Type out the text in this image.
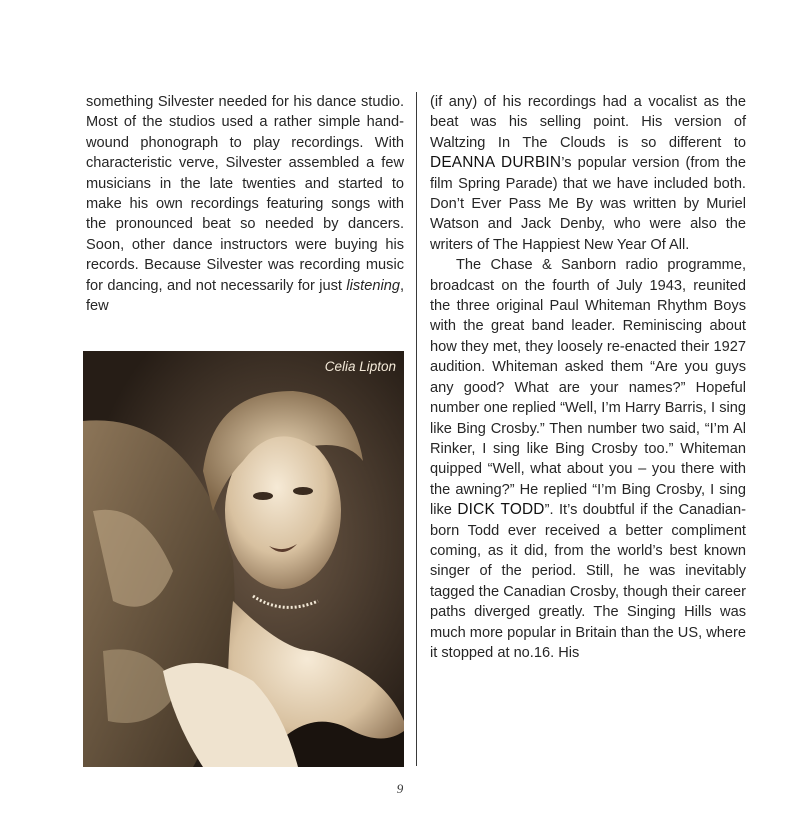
something Silvester needed for his dance studio. Most of the studios used a rather simple hand-wound phonograph to play recordings. With characteristic verve, Silvester assembled a few musicians in the late twenties and started to make his own recordings featuring songs with the pronounced beat so needed by dancers. Soon, other dance instructors were buying his records. Because Silvester was recording music for dancing, and not necessarily for just listening, few

Celia Lipton

(if any) of his recordings had a vocalist as the beat was his selling point. His version of Waltzing In The Clouds is so different to DEANNA DURBIN’s popular version (from the film Spring Parade) that we have included both. Don’t Ever Pass Me By was written by Muriel Watson and Jack Denby, who were also the writers of The Happiest New Year Of All.

The Chase & Sanborn radio programme, broadcast on the fourth of July 1943, reunited the three original Paul Whiteman Rhythm Boys with the great band leader. Reminiscing about how they met, they loosely re-enacted their 1927 audition. Whiteman asked them “Are you guys any good? What are your names?” Hopeful number one replied “Well, I’m Harry Barris, I sing like Bing Crosby.” Then number two said, “I’m Al Rinker, I sing like Bing Crosby too.” Whiteman quipped “Well, what about you – you there with the awning?” He replied “I’m Bing Crosby, I sing like DICK TODD”. It’s doubtful if the Canadian-born Todd ever received a better compliment coming, as it did, from the world’s best known singer of the period. Still, he was inevitably tagged the Canadian Crosby, though their career paths diverged greatly. The Singing Hills was much more popular in Britain than the US, where it stopped at no.16. His

9
